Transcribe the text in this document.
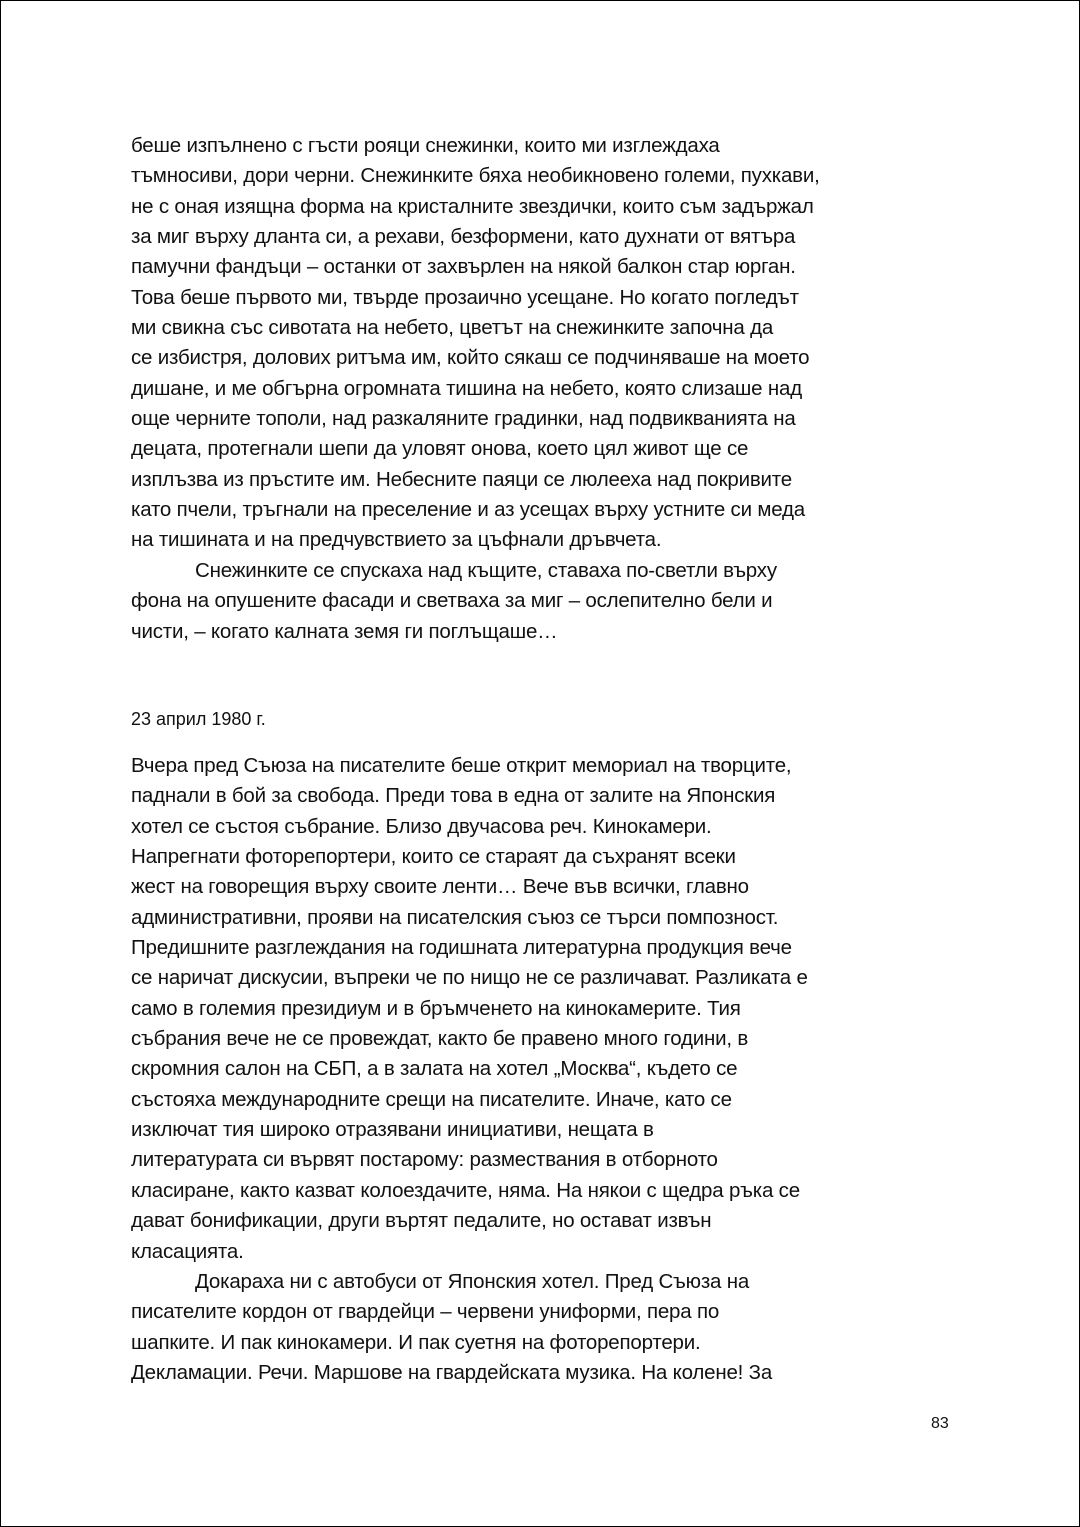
беше изпълнено с гъсти рояци снежинки, които ми изглеждаха
тъмносиви, дори черни. Снежинките бяха необикновено големи, пухкави,
не с оная изящна форма на кристалните звездички, които съм задържал
за миг върху дланта си, а рехави, безформени, като духнати от вятъра
памучни фандъци – останки от захвърлен на някой балкон стар юрган.
Това беше първото ми, твърде прозаично усещане. Но когато погледът
ми свикна със сивотата на небето, цветът на снежинките започна да
се избистря, долових ритъма им, който сякаш се подчиняваше на моето
дишане, и ме обгърна огромната тишина на небето, която слизаше над
още черните тополи, над разкаляните градинки, над подвикванията на
децата, протегнали шепи да уловят онова, което цял живот ще се
изплъзва из пръстите им. Небесните паяци се люлееха над покривите
като пчели, тръгнали на преселение и аз усещах върху устните си меда
на тишината и на предчувствието за цъфнали дръвчета.
Снежинките се спускаха над къщите, ставаха по-светли върху
фона на опушените фасади и светваха за миг – ослепително бели и
чисти, – когато калната земя ги поглъщаше…
23 април 1980 г.
Вчера пред Съюза на писателите беше открит мемориал на творците,
паднали в бой за свобода. Преди това в една от залите на Японския
хотел се състоя събрание. Близо двучасова реч. Кинокамери.
Напрегнати фоторепортери, които се стараят да съхранят всеки
жест на говорещия върху своите ленти… Вече във всички, главно
административни, прояви на писателския съюз се търси помпозност.
Предишните разглеждания на годишната литературна продукция вече
се наричат дискусии, въпреки че по нищо не се различават. Разликата е
само в големия президиум и в бръмченето на кинокамерите. Тия
събрания вече не се провеждат, както бе правено много години, в
скромния салон на СБП, а в залата на хотел „Москва“, където се
състояха международните срещи на писателите. Иначе, като се
изключат тия широко отразявани инициативи, нещата в
литературата си вървят постарому: размествания в отборното
класиране, както казват колоездачите, няма. На някои с щедра ръка се
дават бонификации, други въртят педалите, но остават извън
класацията.
Докараха ни с автобуси от Японския хотел. Пред Съюза на
писателите кордон от гвардейци – червени униформи, пера по
шапките. И пак кинокамери. И пак суетня на фоторепортери.
Декламации. Речи. Маршове на гвардейската музика. На колене! За
83
